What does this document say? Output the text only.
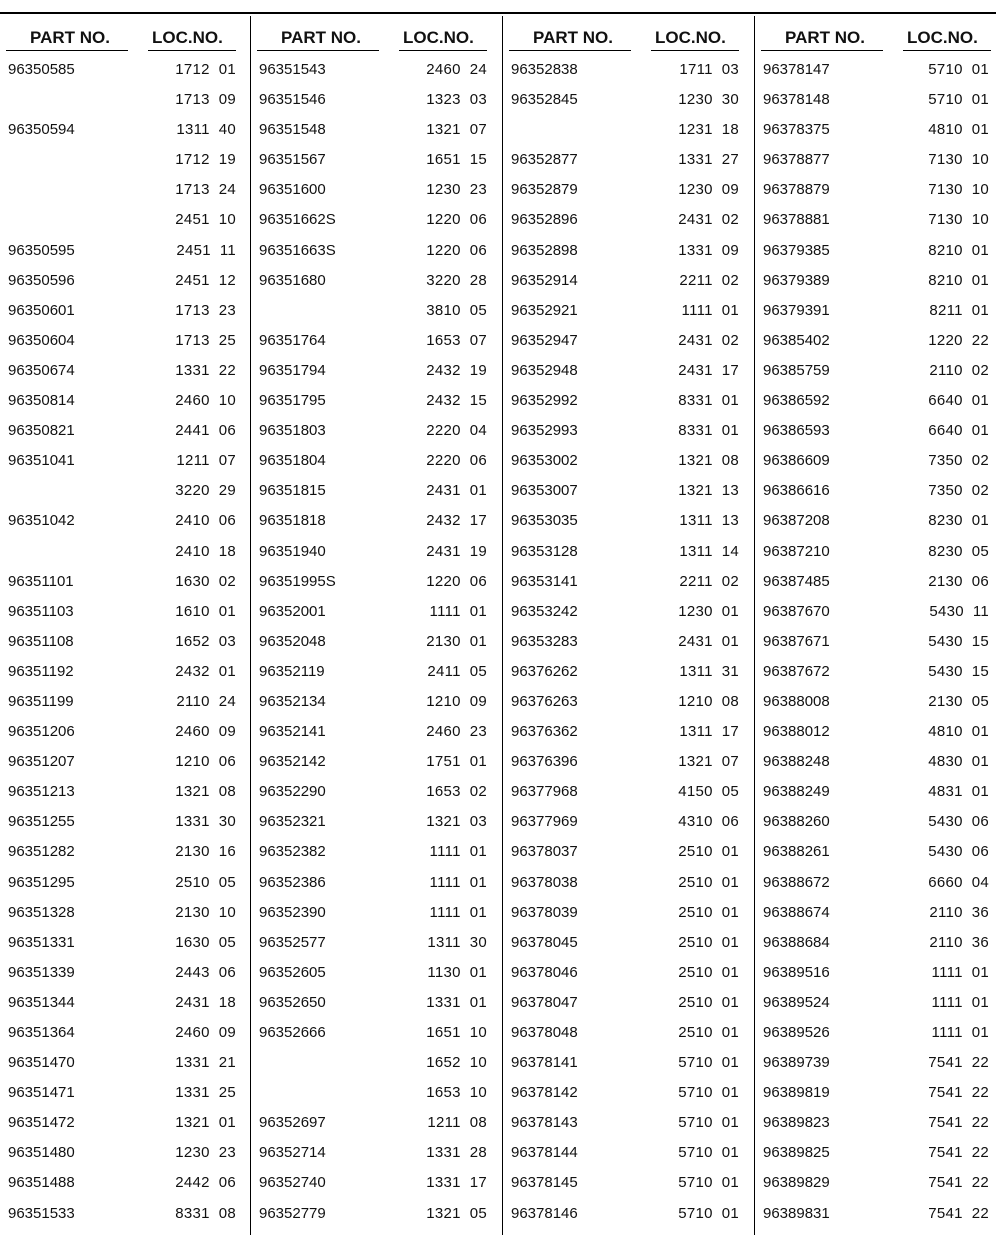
PART NO. LOC.NO.
96350585	1712  01
1713  09
96350594	1311  40
1712  19
1713  24
2451  10
96350595	2451  11
96350596	2451  12
96350601	1713  23
96350604	1713  25
96350674	1331  22
96350814	2460  10
96350821	2441  06
96351041	1211  07
3220  29
96351042	2410  06
2410  18
96351101	1630  02
96351103	1610  01
96351108	1652  03
96351192	2432  01
96351199	2110  24
96351206	2460  09
96351207	1210  06
96351213	1321  08
96351255	1331  30
96351282	2130  16
96351295	2510  05
96351328	2130  10
96351331	1630  05
96351339	2443  06
96351344	2431  18
96351364	2460  09
96351470	1331  21
96351471	1331  25
96351472	1321  01
96351480	1230  23
96351488	2442  06
96351533	8331  08
PART NO. LOC.NO.
96351543	2460  24
96351546	1323  03
96351548	1321  07
96351567	1651  15
96351600	1230  23
96351662S	1220  06
96351663S	1220  06
96351680	3220  28
3810  05
96351764	1653  07
96351794	2432  19
96351795	2432  15
96351803	2220  04
96351804	2220  06
96351815	2431  01
96351818	2432  17
96351940	2431  19
96351995S	1220  06
96352001	1111  01
96352048	2130  01
96352119	2411  05
96352134	1210  09
96352141	2460  23
96352142	1751  01
96352290	1653  02
96352321	1321  03
96352382	1111  01
96352386	1111  01
96352390	1111  01
96352577	1311  30
96352605	1130  01
96352650	1331  01
96352666	1651  10
1652  10
1653  10
96352697	1211  08
96352714	1331  28
96352740	1331  17
96352779	1321  05
PART NO. LOC.NO.
96352838	1711  03
96352845	1230  30
1231  18
96352877	1331  27
96352879	1230  09
96352896	2431  02
96352898	1331  09
96352914	2211  02
96352921	1111  01
96352947	2431  02
96352948	2431  17
96352992	8331  01
96352993	8331  01
96353002	1321  08
96353007	1321  13
96353035	1311  13
96353128	1311  14
96353141	2211  02
96353242	1230  01
96353283	2431  01
96376262	1311  31
96376263	1210  08
96376362	1311  17
96376396	1321  07
96377968	4150  05
96377969	4310  06
96378037	2510  01
96378038	2510  01
96378039	2510  01
96378045	2510  01
96378046	2510  01
96378047	2510  01
96378048	2510  01
96378141	5710  01
96378142	5710  01
96378143	5710  01
96378144	5710  01
96378145	5710  01
96378146	5710  01
PART NO. LOC.NO.
96378147	5710  01
96378148	5710  01
96378375	4810  01
96378877	7130  10
96378879	7130  10
96378881	7130  10
96379385	8210  01
96379389	8210  01
96379391	8211  01
96385402	1220  22
96385759	2110  02
96386592	6640  01
96386593	6640  01
96386609	7350  02
96386616	7350  02
96387208	8230  01
96387210	8230  05
96387485	2130  06
96387670	5430  11
96387671	5430  15
96387672	5430  15
96388008	2130  05
96388012	4810  01
96388248	4830  01
96388249	4831  01
96388260	5430  06
96388261	5430  06
96388672	6660  04
96388674	2110  36
96388684	2110  36
96389516	1111  01
96389524	1111  01
96389526	1111  01
96389739	7541  22
96389819	7541  22
96389823	7541  22
96389825	7541  22
96389829	7541  22
96389831	7541  22
